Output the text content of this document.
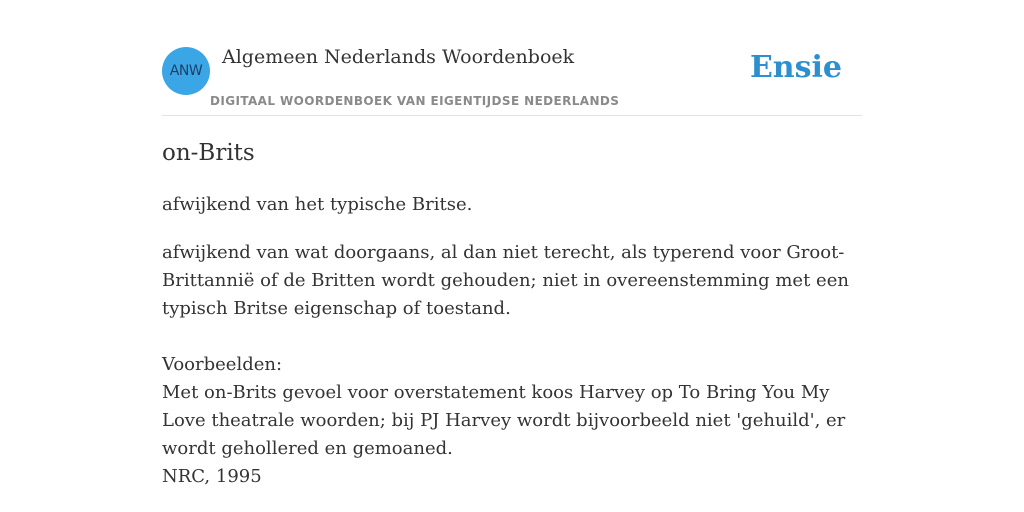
ANW
Algemeen Nederlands Woordenboek
DIGITAAL WOORDENBOEK VAN EIGENTIJDSE NEDERLANDS
Ensie
on-Brits
afwijkend van het typische Britse.

afwijkend van wat doorgaans, al dan niet terecht, als typerend voor Groot-Brittannië of de Britten wordt gehouden; niet in overeenstemming met een typisch Britse eigenschap of toestand.

Voorbeelden:

Met on-Brits gevoel voor overstatement koos Harvey op To Bring You My Love theatrale woorden; bij PJ Harvey wordt bijvoorbeeld niet 'gehuild', er wordt gehollered en gemoaned.

NRC, 1995
